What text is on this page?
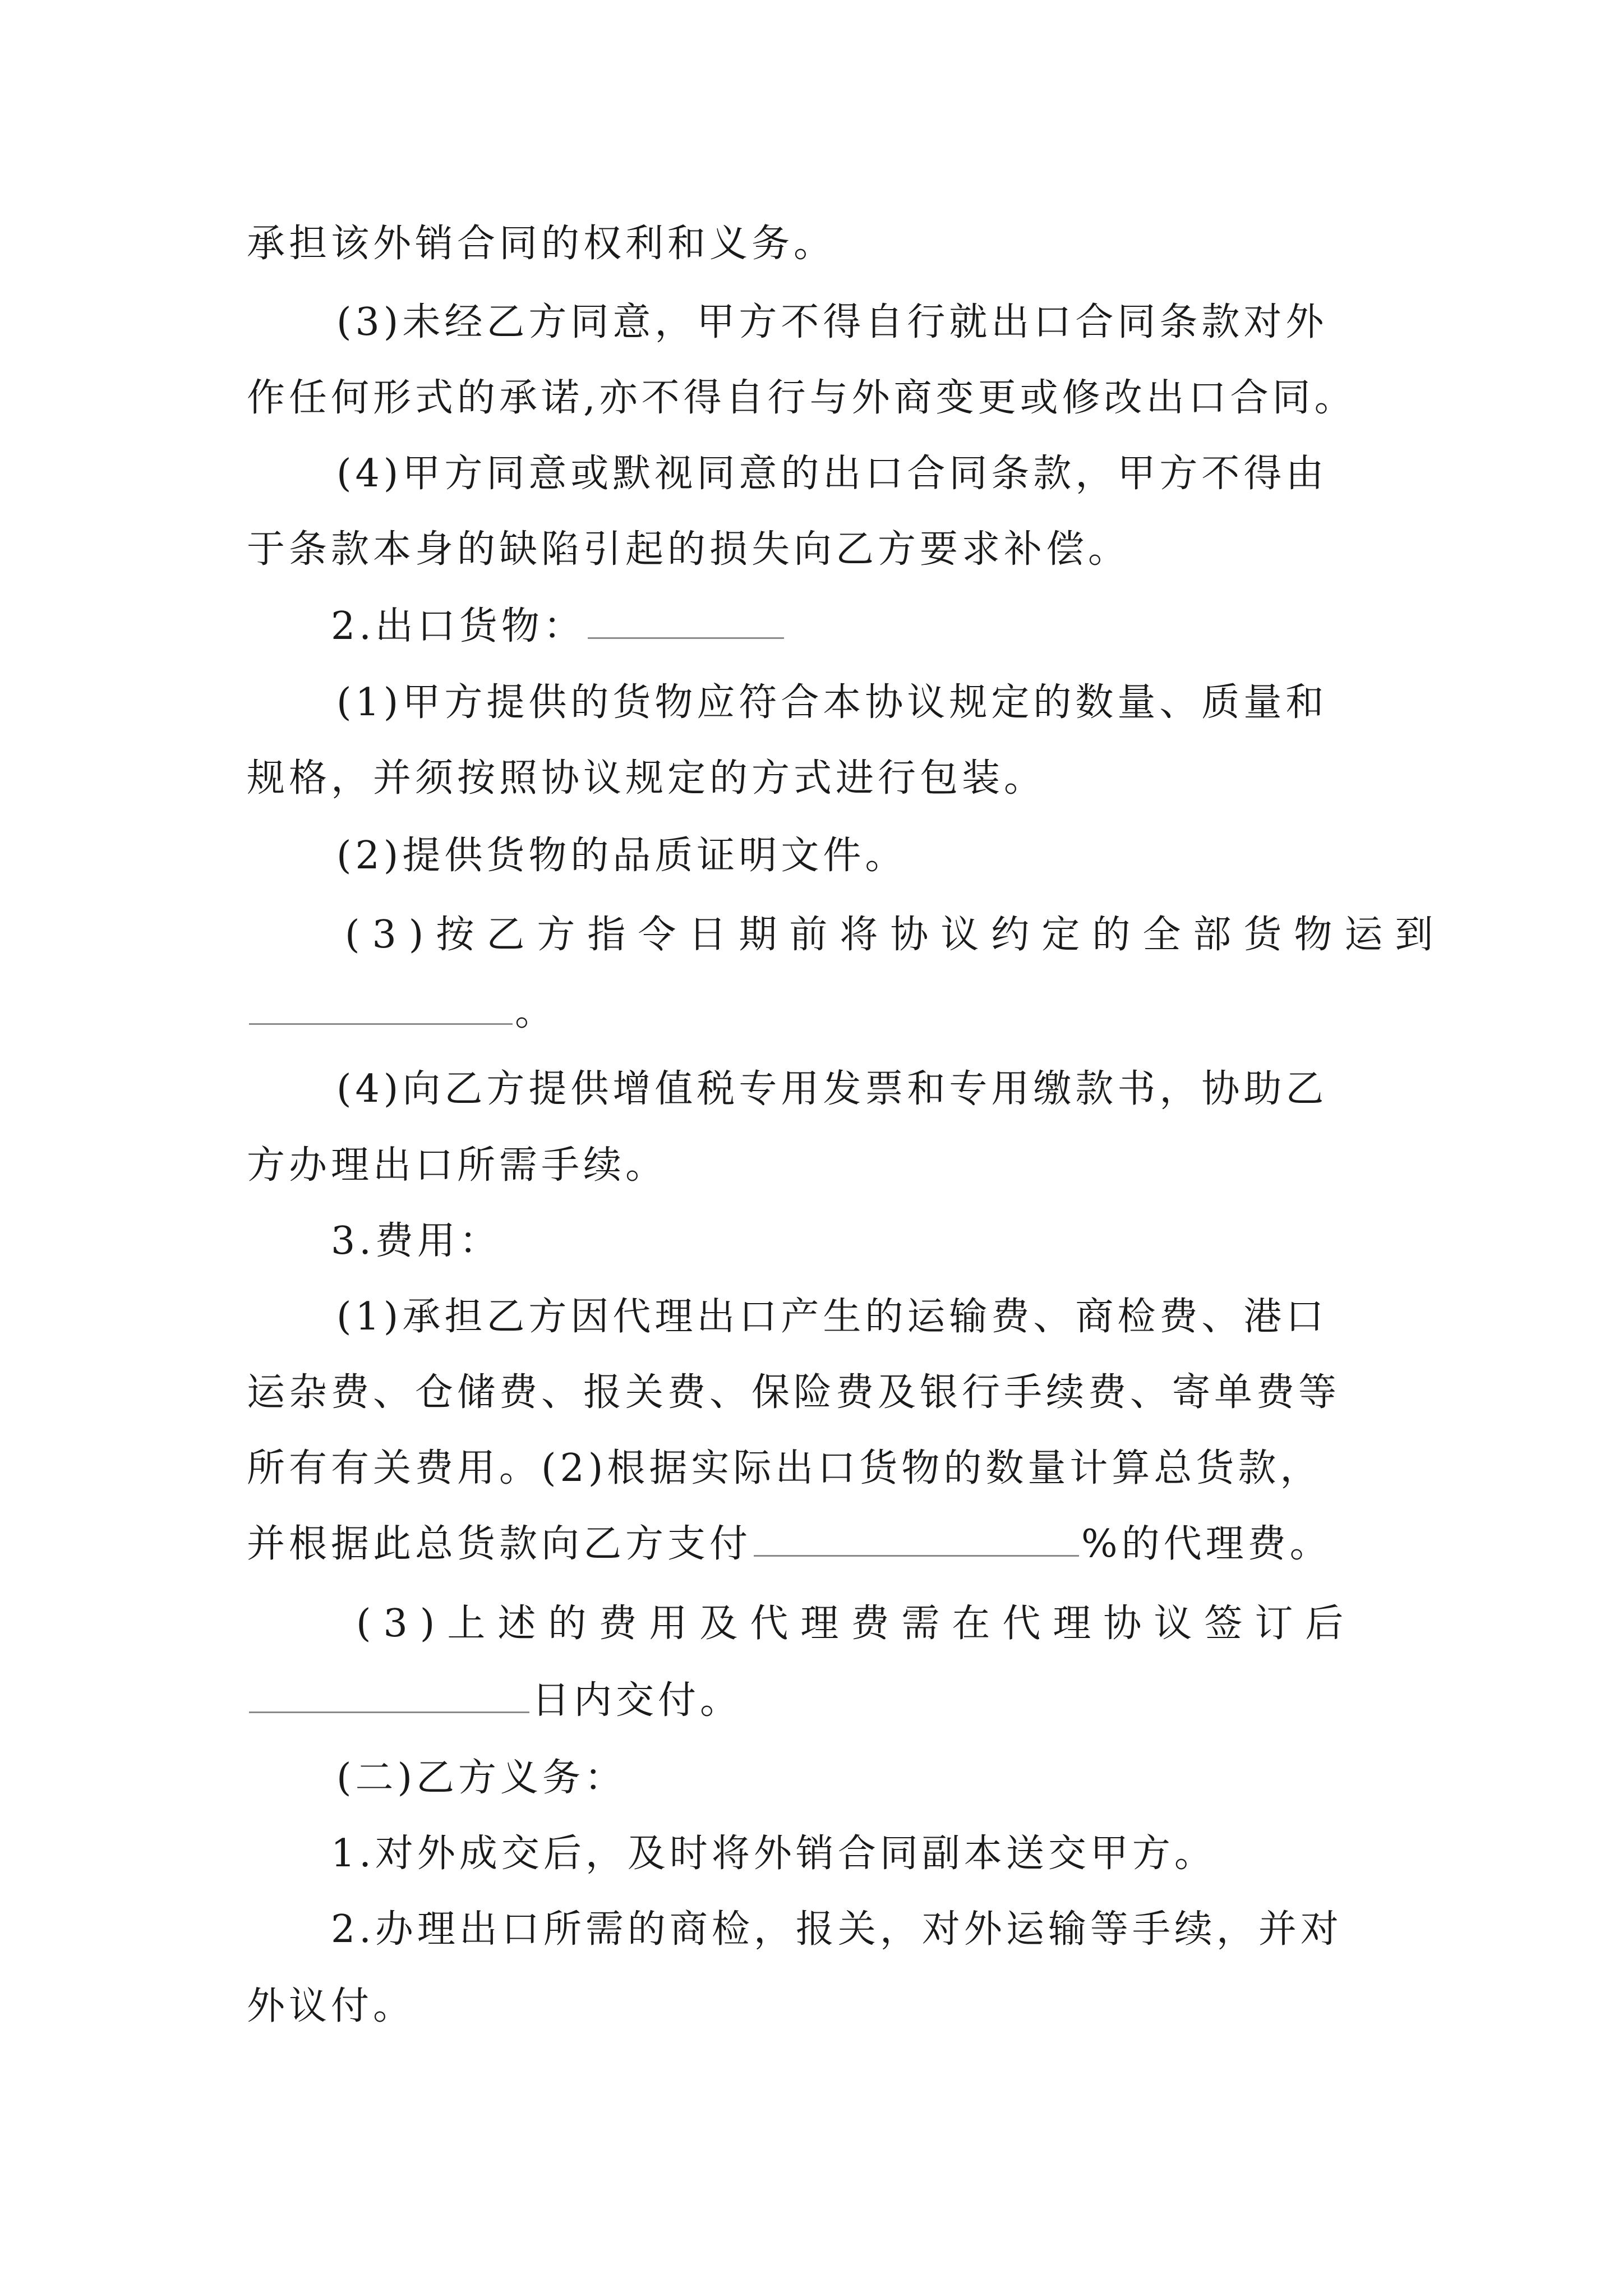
承担该外销合同的权利和义务。
(3)未经乙方同意，甲方不得自行就出口合同条款对外
作任何形式的承诺,亦不得自行与外商变更或修改出口合同。
(4)甲方同意或默视同意的出口合同条款，甲方不得由
于条款本身的缺陷引起的损失向乙方要求补偿。
2.出口货物：
(1)甲方提供的货物应符合本协议规定的数量、质量和
规格，并须按照协议规定的方式进行包装。
(2)提供货物的品质证明文件。
(3)按乙方指令日期前将协议约定的全部货物运到
。
(4)向乙方提供增值税专用发票和专用缴款书，协助乙
方办理出口所需手续。
3.费用：
(1)承担乙方因代理出口产生的运输费、商检费、港口
运杂费、仓储费、报关费、保险费及银行手续费、寄单费等
所有有关费用。(2)根据实际出口货物的数量计算总货款，
并根据此总货款向乙方支付	%的代理费。
(3)上述的费用及代理费需在代理协议签订后
日内交付。
(二)乙方义务：
1.对外成交后，及时将外销合同副本送交甲方。
2.办理出口所需的商检，报关，对外运输等手续，并对
外议付。
